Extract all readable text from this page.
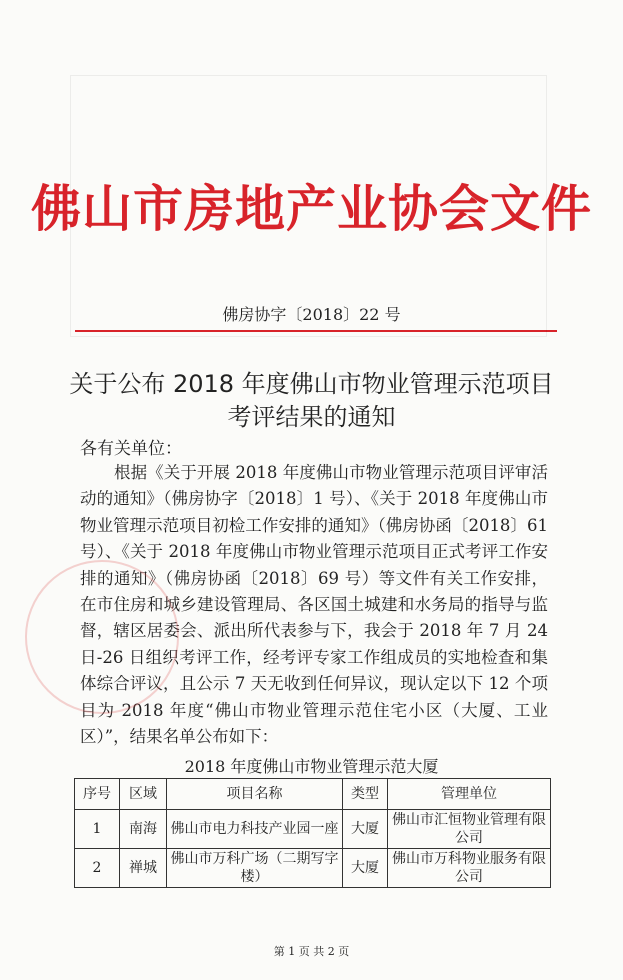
佛山市房地产业协会文件
佛房协字〔2018〕22 号
关于公布 2018 年度佛山市物业管理示范项目
考评结果的通知
各有关单位：
根据《关于开展 2018 年度佛山市物业管理示范项目评审活动的通知》（佛房协字〔2018〕1 号）、《关于 2018 年度佛山市物业管理示范项目初检工作安排的通知》（佛房协函〔2018〕61 号）、《关于 2018 年度佛山市物业管理示范项目正式考评工作安排的通知》（佛房协函〔2018〕69 号）等文件有关工作安排，在市住房和城乡建设管理局、各区国土城建和水务局的指导与监督，辖区居委会、派出所代表参与下，我会于 2018 年 7 月 24 日-26 日组织考评工作，经考评专家工作组成员的实地检查和集体综合评议，且公示 7 天无收到任何异议，现认定以下 12 个项目为 2018 年度“佛山市物业管理示范住宅小区（大厦、工业区）”，结果名单公布如下：
2018 年度佛山市物业管理示范大厦
序号	区域	项目名称	类型	管理单位
1	南海	佛山市电力科技产业园一座	大厦	佛山市汇恒物业管理有限公司
2	禅城	佛山市万科广场（二期写字楼）	大厦	佛山市万科物业服务有限公司
第 1 页 共 2 页
